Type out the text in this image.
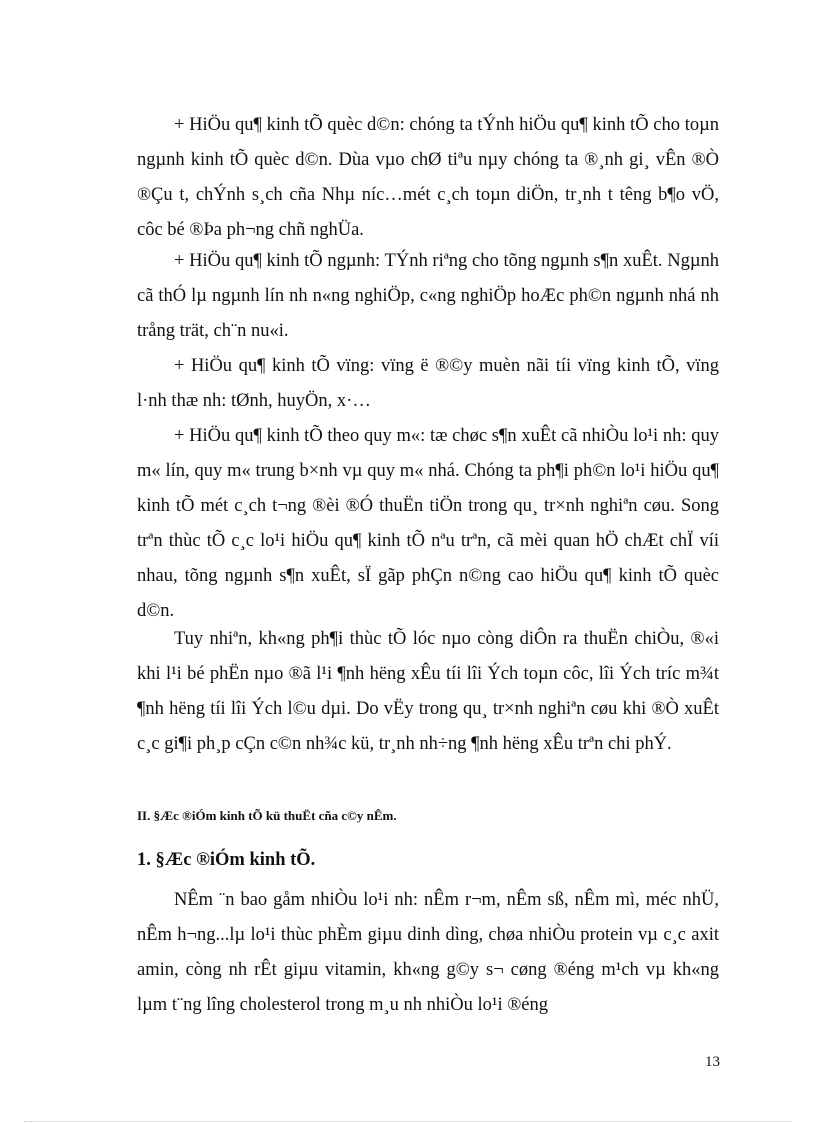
+ HiÖu qu¶ kinh tÕ quèc d©n: chóng ta tÝnh hiÖu qu¶ kinh tÕ cho toµn ngµnh kinh tÕ quèc d©n. Dùa vµo chØ tiªu nµy chóng ta ®¸nh gi¸ vÊn ®Ò ®Çu t, chÝnh s¸ch cña Nhµ níc…mét c¸ch toµn diÖn, tr¸nh t têng b¶o vÖ, côc bé ®Þa ph¬ng chñ nghÜa.

+ HiÖu qu¶ kinh tÕ ngµnh: TÝnh riªng cho tõng ngµnh s¶n xuÊt. Ngµnh cã thÓ lµ ngµnh lín nh n«ng nghiÖp, c«ng nghiÖp hoÆc ph©n ngµnh nhá nh trång trät, ch¨n nu«i.

+ HiÖu qu¶ kinh tÕ vïng: vïng ë ®©y muèn nãi tíi vïng kinh tÕ, vïng l·nh thæ nh: tØnh, huyÖn, x·…

+ HiÖu qu¶ kinh tÕ theo quy m«: tæ chøc s¶n xuÊt cã nhiÒu lo¹i nh: quy m« lín, quy m« trung b×nh vµ quy m« nhá. Chóng ta ph¶i ph©n lo¹i hiÖu qu¶ kinh tÕ mét c¸ch t¬ng ®èi ®Ó thuËn tiÖn trong qu¸ tr×nh nghiªn cøu. Song trªn thùc tÕ c¸c lo¹i hiÖu qu¶ kinh tÕ nªu trªn, cã mèi quan hÖ chÆt chÏ víi nhau, tõng ngµnh s¶n xuÊt, sÏ gãp phÇn n©ng cao hiÖu qu¶ kinh tÕ quèc d©n.

Tuy nhiªn, kh«ng ph¶i thùc tÕ lóc nµo còng diÔn ra thuËn chiÒu, ®«i khi l¹i bé phËn nµo ®ã l¹i ¶nh hëng xÊu tíi lîi Ých toµn côc, lîi Ých tríc m¾t ¶nh hëng tíi lîi Ých l©u dµi. Do vËy trong qu¸ tr×nh nghiªn cøu khi ®Ò xuÊt c¸c gi¶i ph¸p cÇn c©n nh¾c kü, tr¸nh nh÷ng ¶nh hëng xÊu trªn chi phÝ.

II. §Æc ®iÓm kinh tÕ kü thuËt cña c©y nÊm.
1. §Æc ®iÓm kinh tÕ.

NÊm ¨n bao gåm nhiÒu lo¹i nh: nÊm r¬m, nÊm sß, nÊm mì, méc nhÜ, nÊm h¬ng...lµ lo¹i thùc phÈm giµu dinh dìng, chøa nhiÒu protein vµ c¸c axit amin, còng nh rÊt giµu vitamin, kh«ng g©y s¬ cøng ®éng m¹ch vµ kh«ng lµm t¨ng lîng cholesterol trong m¸u nh nhiÒu lo¹i ®éng

13
